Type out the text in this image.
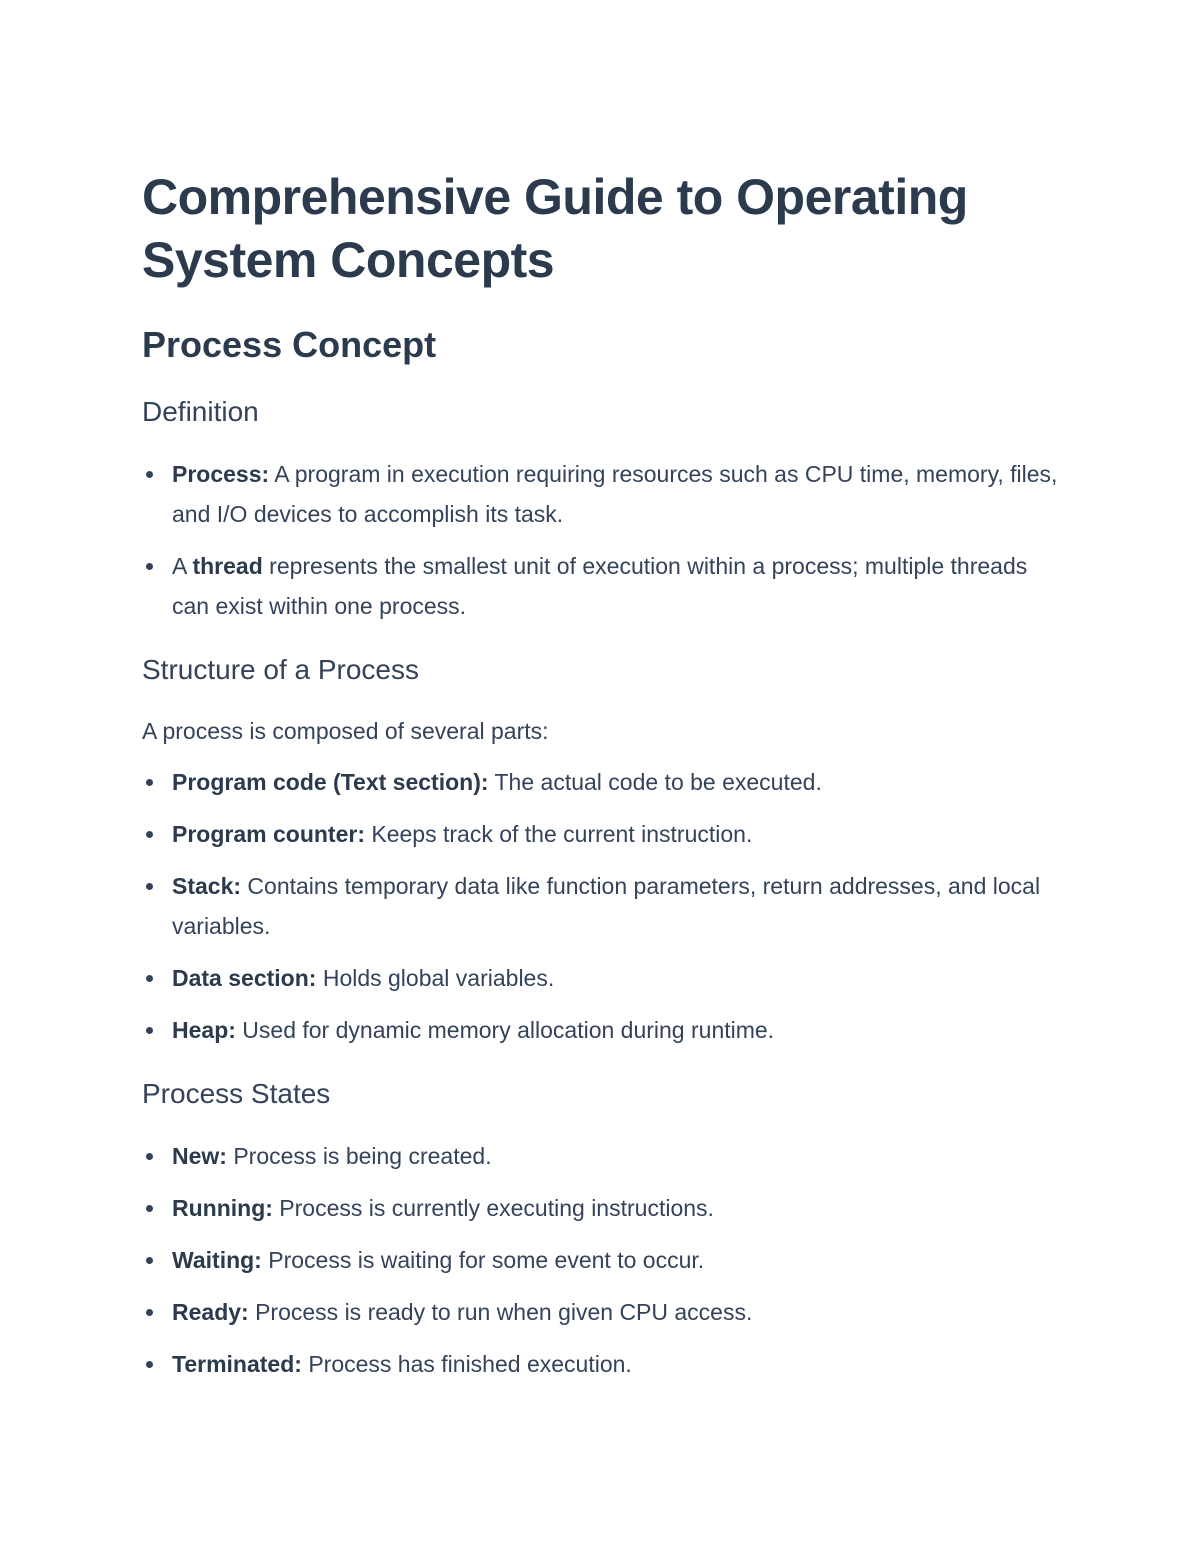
Comprehensive Guide to Operating System Concepts
Process Concept
Definition
Process: A program in execution requiring resources such as CPU time, memory, files, and I/O devices to accomplish its task.
A thread represents the smallest unit of execution within a process; multiple threads can exist within one process.
Structure of a Process

A process is composed of several parts:

Program code (Text section): The actual code to be executed.
Program counter: Keeps track of the current instruction.
Stack: Contains temporary data like function parameters, return addresses, and local variables.
Data section: Holds global variables.
Heap: Used for dynamic memory allocation during runtime.
Process States
New: Process is being created.
Running: Process is currently executing instructions.
Waiting: Process is waiting for some event to occur.
Ready: Process is ready to run when given CPU access.
Terminated: Process has finished execution.
